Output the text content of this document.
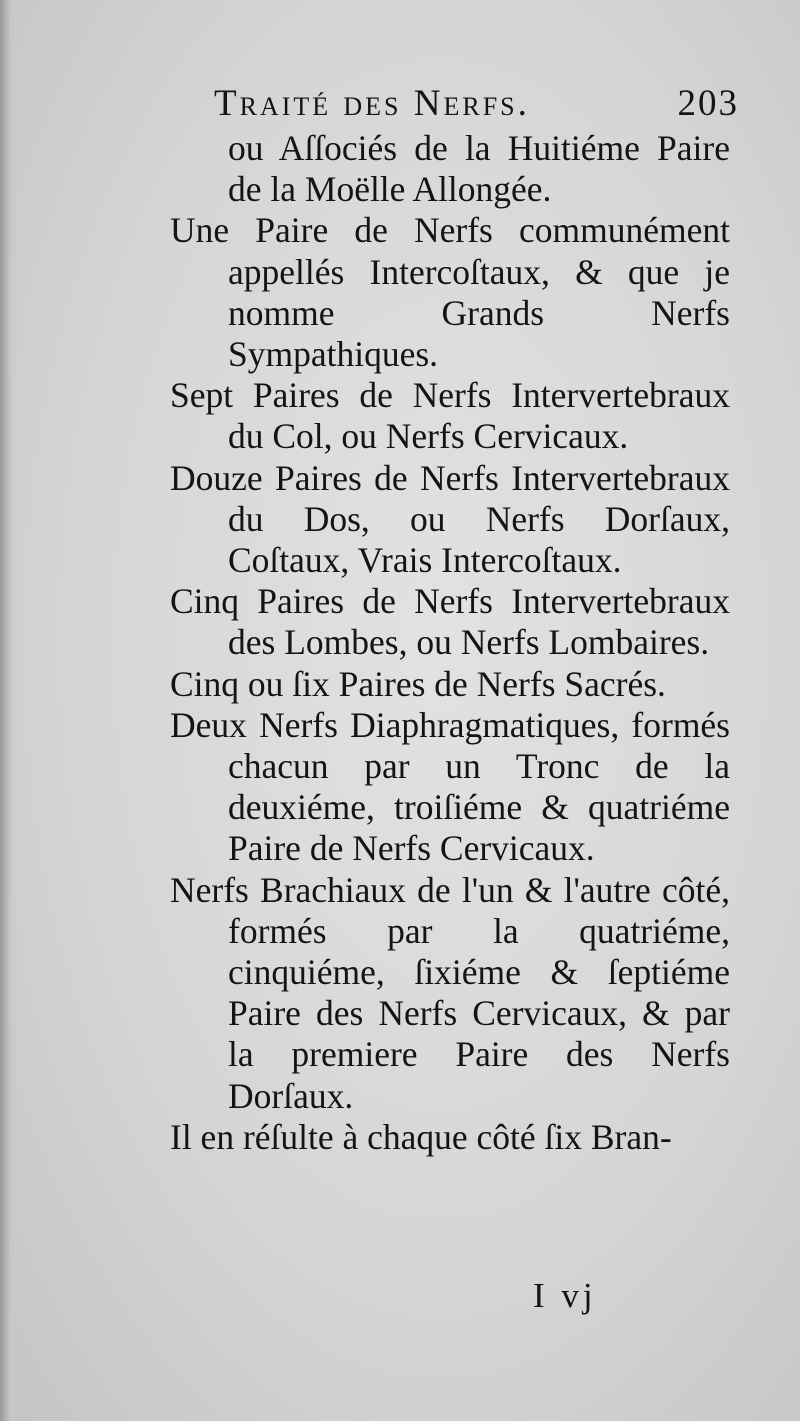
Traité des Nerfs.	203

ou Aſſociés de la Huitiéme Paire de la Moëlle Allongée.

Une Paire de Nerfs communément appellés Intercoſtaux, & que je nomme Grands Nerfs Sympathiques.

Sept Paires de Nerfs Intervertebraux du Col, ou Nerfs Cervicaux.

Douze Paires de Nerfs Intervertebraux du Dos, ou Nerfs Dorſaux, Coſtaux, Vrais Intercoſtaux.

Cinq Paires de Nerfs Intervertebraux des Lombes, ou Nerfs Lombaires.

Cinq ou ſix Paires de Nerfs Sacrés.

Deux Nerfs Diaphragmatiques, formés chacun par un Tronc de la deuxiéme, troiſiéme & quatriéme Paire de Nerfs Cervicaux.

Nerfs Brachiaux de l'un & l'autre côté, formés par la quatriéme, cinquiéme, ſixiéme & ſeptiéme Paire des Nerfs Cervicaux, & par la premiere Paire des Nerfs Dorſaux.

Il en réſulte à chaque côté ſix Bran-

I vj
